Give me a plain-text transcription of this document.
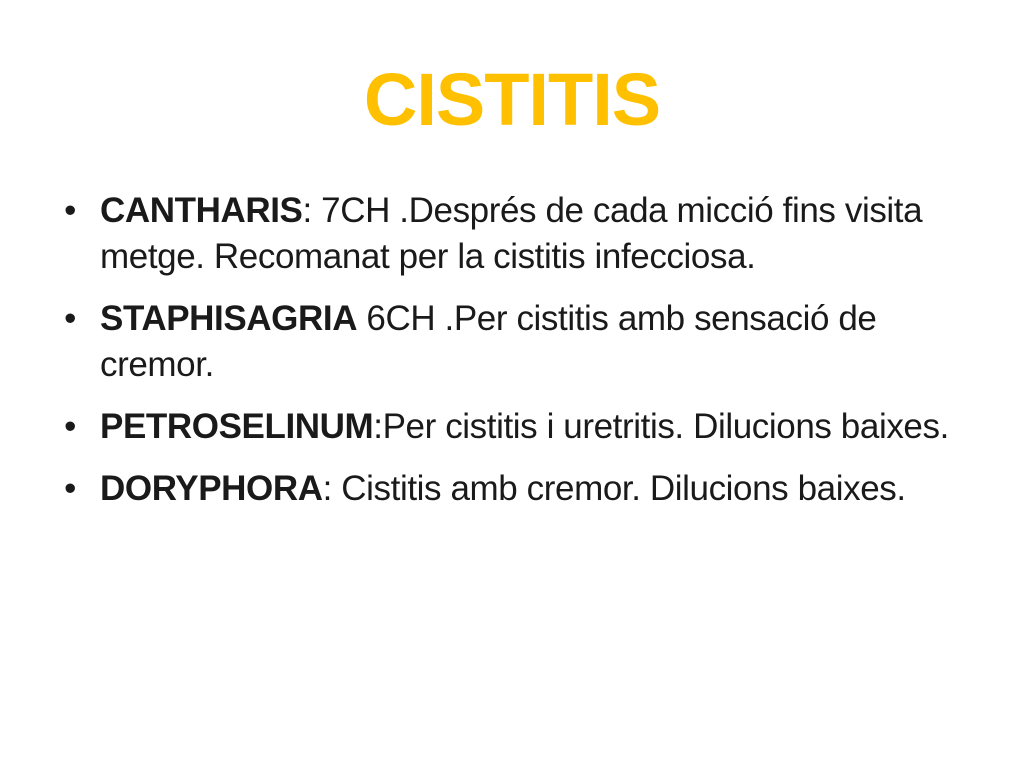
CISTITIS
• CANTHARIS: 7CH .Després de cada micció fins visita metge. Recomanat per la cistitis infecciosa.
• STAPHISAGRIA 6CH .Per cistitis amb sensació de cremor.
• PETROSELINUM:Per cistitis i uretritis. Dilucions baixes.
• DORYPHORA: Cistitis amb cremor. Dilucions baixes.
